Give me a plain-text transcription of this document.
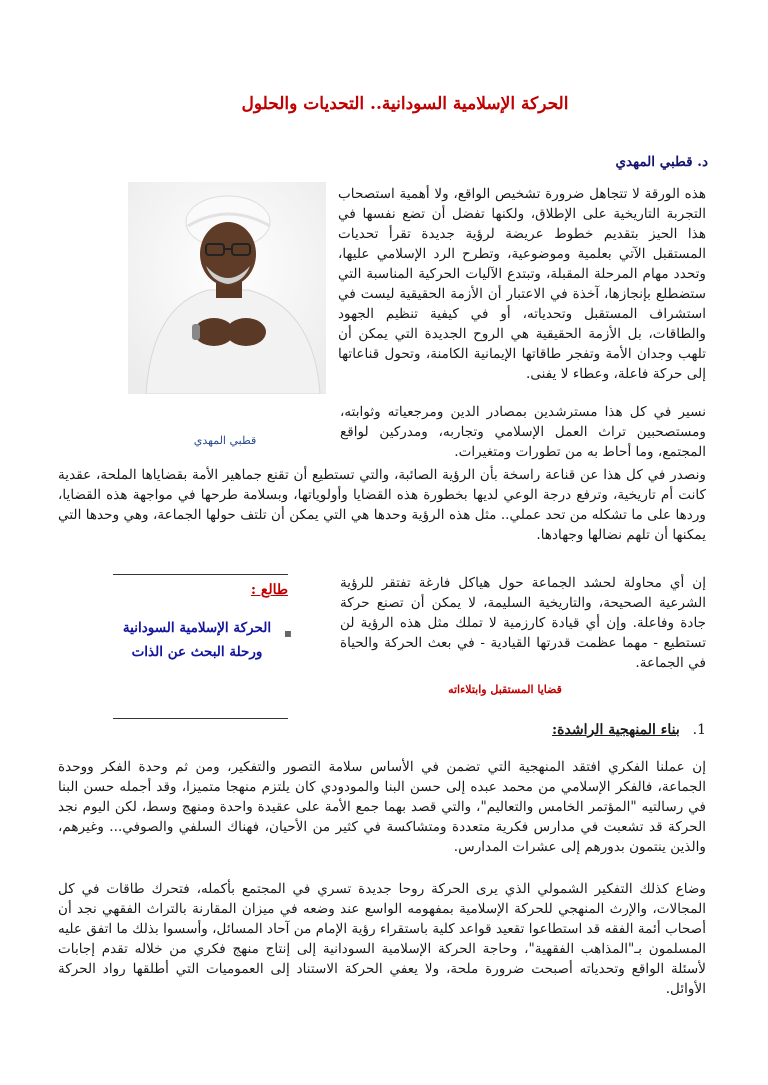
الحركة الإسلامية السودانية.. التحديات والحلول
د. قطبي المهدي
قطبي المهدي
هذه الورقة لا تتجاهل ضرورة تشخيص الواقع، ولا أهمية استصحاب التجربة التاريخية على الإطلاق، ولكنها تفضل أن تضع نفسها في هذا الحيز بتقديم خطوط عريضة لرؤية جديدة تقرأ تحديات المستقبل الآتي بعلمية وموضوعية، وتطرح الرد الإسلامي عليها، وتحدد مهام المرحلة المقبلة، وتبتدع الآليات الحركية المناسبة التي ستضطلع بإنجازها، آخذة في الاعتبار أن الأزمة الحقيقية ليست في استشراف المستقبل وتحدياته، أو في كيفية تنظيم الجهود والطاقات، بل الأزمة الحقيقية هي الروح الجديدة التي يمكن أن تلهب وجدان الأمة وتفجر طاقاتها الإيمانية الكامنة، وتحول قناعاتها إلى حركة فاعلة، وعطاء لا يفنى.
نسير في كل هذا مسترشدين بمصادر الدين ومرجعياته وثوابته، ومستصحبين تراث العمل الإسلامي وتجاربه، ومدركين لواقع المجتمع، وما أحاط به من تطورات ومتغيرات.
ونصدر في كل هذا عن قناعة راسخة بأن الرؤية الصائبة، والتي تستطيع أن تقنع جماهير الأمة بقضاياها الملحة، عقدية كانت أم تاريخية، وترفع درجة الوعي لديها بخطورة هذه القضايا وأولوياتها، وبسلامة طرحها في مواجهة هذه القضايا، وردها على ما تشكله من تحد عملي.. مثل هذه الرؤية وحدها هي التي يمكن أن تلتف حولها الجماعة، وهي وحدها التي يمكنها أن تلهم نضالها وجهادها.
طالع :
▪
الحركة الإسلامية السودانية ورحلة البحث عن الذات
إن أي محاولة لحشد الجماعة حول هياكل فارغة تفتقر للرؤية الشرعية الصحيحة، والتاريخية السليمة، لا يمكن أن تصنع حركة جادة وفاعلة. وإن أي قيادة كارزمية لا تملك مثل هذه الرؤية لن تستطيع - مهما عظمت قدرتها القيادية - في بعث الحركة والحياة في الجماعة.
قضايا المستقبل وابتلاءاته
1. بناء المنهجية الراشدة:
إن عملنا الفكري افتقد المنهجية التي تضمن في الأساس سلامة التصور والتفكير، ومن ثم وحدة الفكر ووحدة الجماعة، فالفكر الإسلامي من محمد عبده إلى حسن البنا والمودودي كان يلتزم منهجا متميزا، وقد أجمله حسن البنا في رسالتيه "المؤتمر الخامس والتعاليم"، والتي قصد بهما جمع الأمة على عقيدة واحدة ومنهج وسط، لكن اليوم نجد الحركة قد تشعبت في مدارس فكرية متعددة ومتشاكسة في كثير من الأحيان، فهناك السلفي والصوفي... وغيرهم، والذين ينتمون بدورهم إلى عشرات المدارس.
وضاع كذلك التفكير الشمولي الذي يرى الحركة روحا جديدة تسري في المجتمع بأكمله، فتحرك طاقات في كل المجالات، والإرث المنهجي للحركة الإسلامية بمفهومه الواسع عند وضعه في ميزان المقارنة بالتراث الفقهي نجد أن أصحاب أئمة الفقه قد استطاعوا تقعيد قواعد كلية باستقراء رؤية الإمام من آحاد المسائل، وأسسوا بذلك ما اتفق عليه المسلمون بـ"المذاهب الفقهية"، وحاجة الحركة الإسلامية السودانية إلى إنتاج منهج فكري من خلاله تقدم إجابات لأسئلة الواقع وتحدياته أصبحت ضرورة ملحة، ولا يعفي الحركة الاستناد إلى العموميات التي أطلقها رواد الحركة الأوائل.
